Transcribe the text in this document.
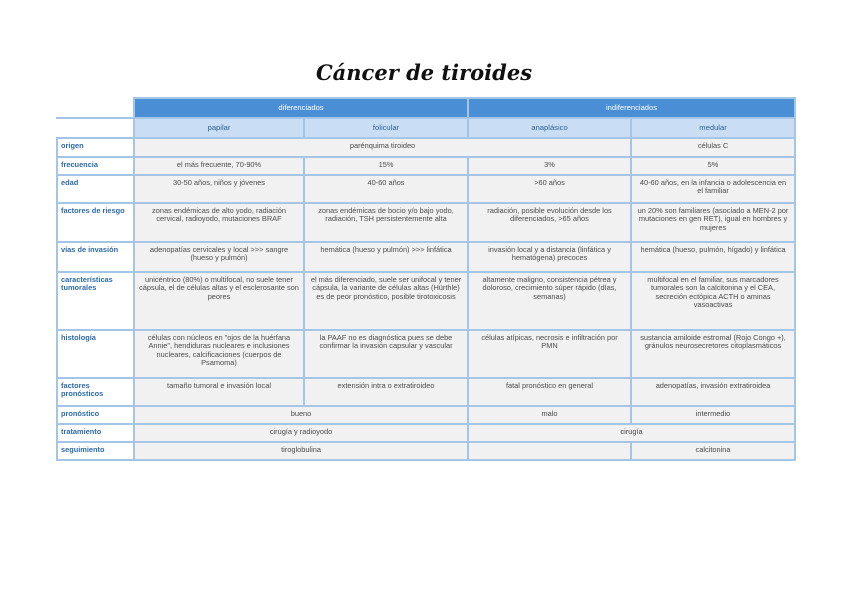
Cáncer de tiroides
	diferenciados		indiferenciados	
	papilar	folicular	anaplásico	medular
origen	parénquima tiroideo			células C
frecuencia	el más frecuente, 70-90%	15%	3%	5%
edad	30-50 años, niños y jóvenes	40-60 años	>60 años	40-60 años, en la infancia o adolescencia en el familiar
factores de riesgo	zonas endémicas de alto yodo, radiación cervical, radioyodo, mutaciones BRAF	zonas endémicas de bocio y/o bajo yodo, radiación, TSH persistentemente alta	radiación, posible evolución desde los diferenciados, >65 años	un 20% son familiares (asociado a MEN-2 por mutaciones en gen RET), igual en hombres y mujeres
vías de invasión	adenopatías cervicales y local >>> sangre (hueso y pulmón)	hemática (hueso y pulmón) >>> linfática	invasión local y a distancia (linfática y hematógena) precoces	hemática (hueso, pulmón, hígado) y linfática
características tumorales	unicéntrico (80%) o multifocal, no suele tener cápsula, el de células altas y el esclerosante son peores	el más diferenciado, suele ser unifocal y tener cápsula, la variante de células altas (Hürthle) es de peor pronóstico, posible tirotoxicosis	altamente maligno, consistencia pétrea y doloroso, crecimiento súper rápido (días, semanas)	multifocal en el familiar, sus marcadores tumorales son la calcitonina y el CEA, secreción ectópica ACTH o aminas vasoactivas
histología	células con núcleos en "ojos de la huérfana Annie", hendiduras nucleares e inclusiones nucleares, calcificaciones (cuerpos de Psamoma)	la PAAF no es diagnóstica pues se debe confirmar la invasión capsular y vascular	células atípicas, necrosis e infiltración por PMN	sustancia amiloide estromal (Rojo Congo +), gránulos neurosecretores citoplasmáticos
factores pronósticos	tamaño tumoral e invasión local	extensión intra o extratiroideo	fatal pronóstico en general	adenopatías, invasión extratiroidea
pronóstico	bueno		malo	intermedio
tratamiento	cirugía y radioyodo		cirugía	
seguimiento	tiroglobulina			calcitonina
